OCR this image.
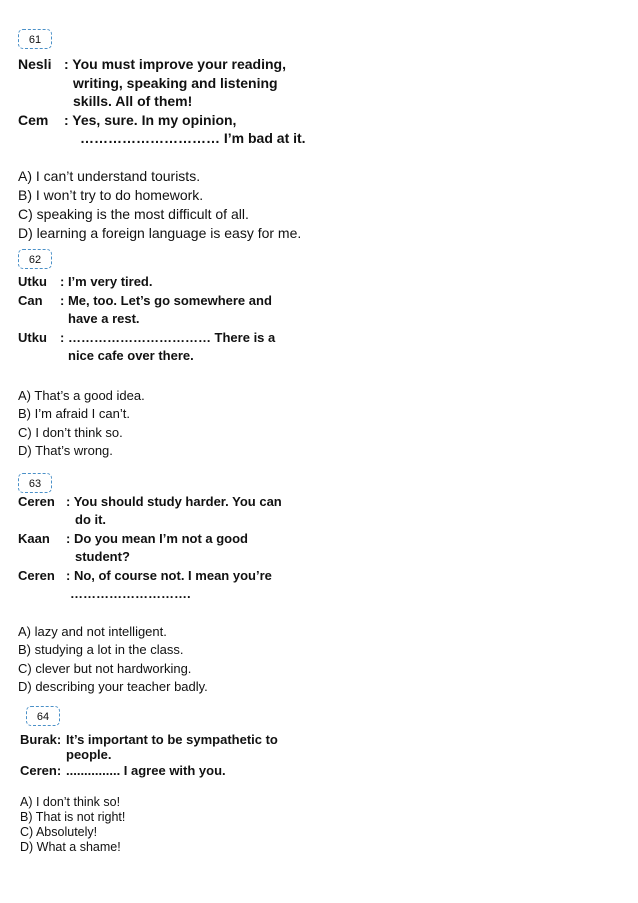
61
Nesli : You must improve your reading,
writing, speaking and listening
skills. All of them!
Cem : Yes, sure. In my opinion,
………………………… I’m bad at it.
A) I can’t understand tourists.
B) I won’t try to do homework.
C) speaking is the most difficult of all.
D) learning a foreign language is easy for me.
62
Utku : I’m very tired.
Can : Me, too. Let’s go somewhere and
have a rest.
Utku : …………………………… There is a
nice cafe over there.
A) That’s a good idea.
B) I’m afraid I can’t.
C) I don’t think so.
D) That’s wrong.
63
Ceren : You should study harder. You can
do it.
Kaan : Do you mean I’m not a good
student?
Ceren : No, of course not. I mean you’re
……………………….
A) lazy and not intelligent.
B) studying a lot in the class.
C) clever but not hardworking.
D) describing your teacher badly.
64
Burak: It’s important to be sympathetic to
people.
Ceren: ............... I agree with you.
A) I don’t think so!
B) That is not right!
C) Absolutely!
D) What a shame!
